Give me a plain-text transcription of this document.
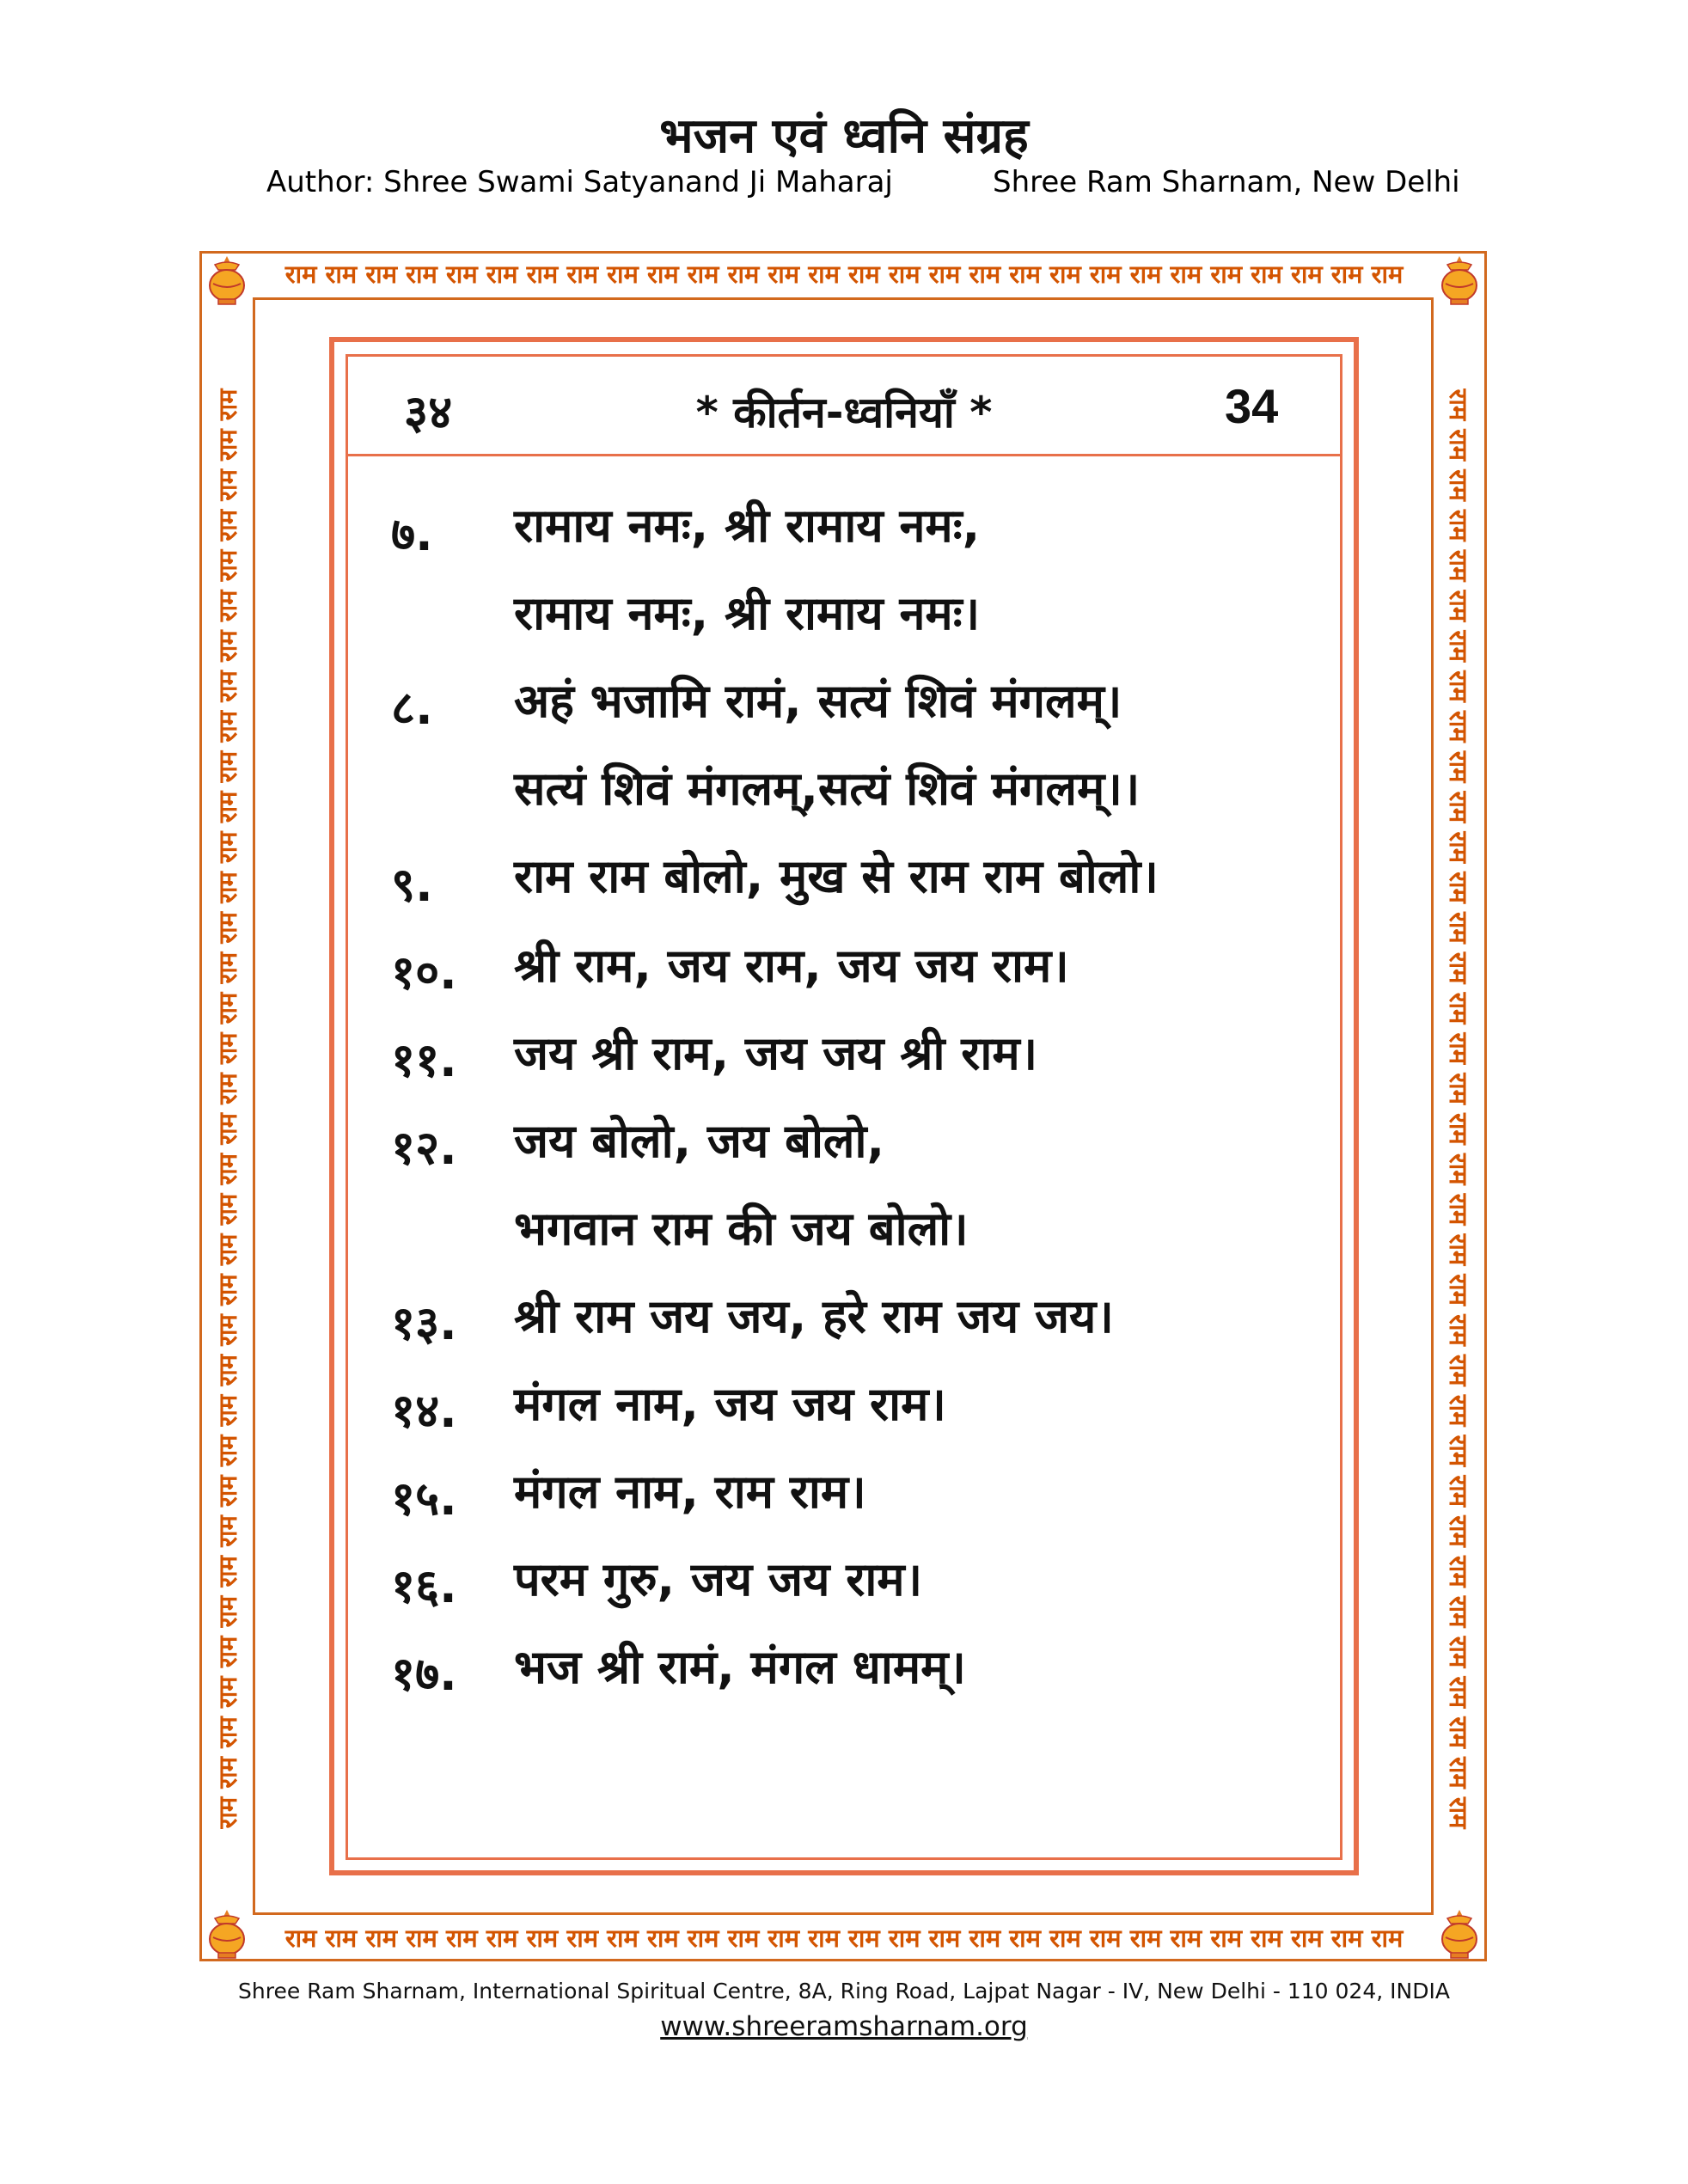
भजन एवं ध्वनि संग्रह
Author: Shree Swami Satyanand Ji Maharaj	Shree Ram Sharnam, New Delhi
राम राम राम राम राम राम राम राम राम राम राम राम राम राम राम राम राम राम राम राम राम राम राम राम राम राम राम राम
राम राम राम राम राम राम राम राम राम राम राम राम राम राम राम राम राम राम राम राम राम राम राम राम राम राम राम राम
राम राम राम राम राम राम राम राम राम राम राम राम राम राम राम राम राम राम राम राम राम राम राम राम राम राम राम राम राम राम राम राम राम राम राम राम	राम राम राम राम राम राम राम राम राम राम राम राम राम राम राम राम राम राम राम राम राम राम राम राम राम राम राम राम राम राम राम राम राम राम राम राम
३४	* कीर्तन-ध्वनियाँ *	34
७. रामाय नमः, श्री रामाय नमः,
रामाय नमः, श्री रामाय नमः।
८. अहं भजामि रामं, सत्यं शिवं मंगलम्।
सत्यं शिवं मंगलम्,सत्यं शिवं मंगलम्।।
९. राम राम बोलो, मुख से राम राम बोलो।
१०. श्री राम, जय राम, जय जय राम।
११. जय श्री राम, जय जय श्री राम।
१२. जय बोलो, जय बोलो,
भगवान राम की जय बोलो।
१३. श्री राम जय जय, हरे राम जय जय।
१४. मंगल नाम, जय जय राम।
१५. मंगल नाम, राम राम।
१६. परम गुरु, जय जय राम।
१७. भज श्री रामं, मंगल धामम्।
Shree Ram Sharnam, International Spiritual Centre, 8A, Ring Road, Lajpat Nagar - IV, New Delhi - 110 024, INDIA
www.shreeramsharnam.org
